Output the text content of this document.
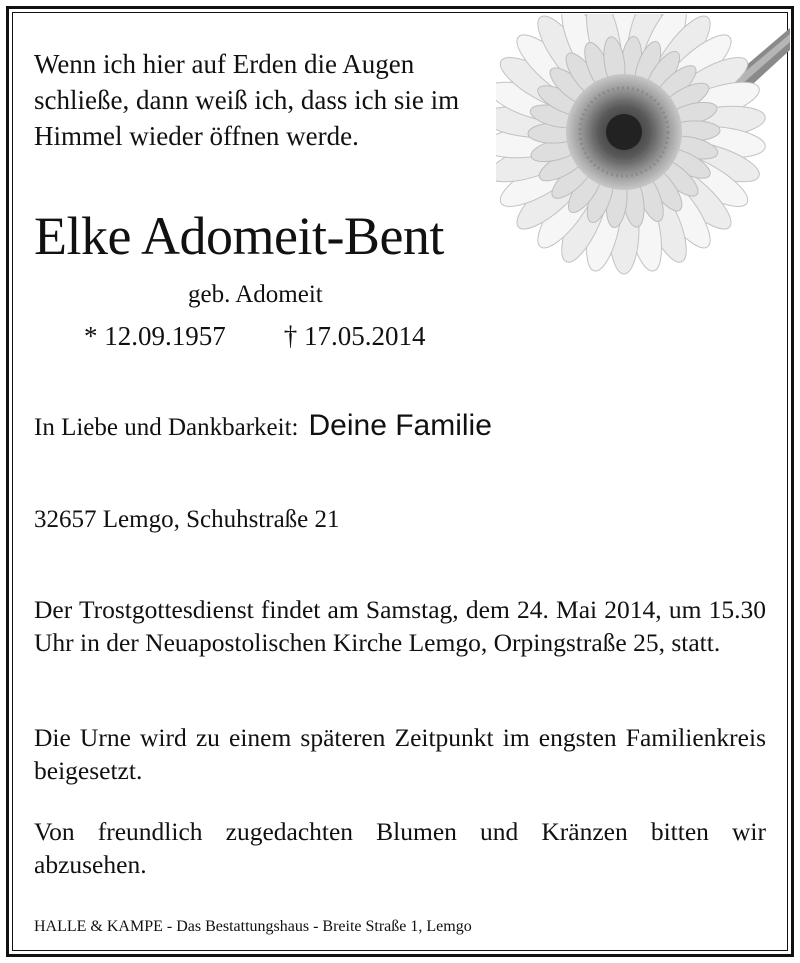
Wenn ich hier auf Erden die Augen schließe, dann weiß ich, dass ich sie im Himmel wieder öffnen werde.

Elke Adomeit-Bent

geb. Adomeit

* 12.09.1957 † 17.05.2014

In Liebe und Dankbarkeit: Deine Familie

32657 Lemgo, Schuhstraße 21

Der Trostgottesdienst findet am Samstag, dem 24. Mai 2014, um 15.30 Uhr in der Neuapostolischen Kirche Lemgo, Orpingstraße 25, statt.

Die Urne wird zu einem späteren Zeitpunkt im engsten Familienkreis beigesetzt.

Von freundlich zugedachten Blumen und Kränzen bitten wir abzusehen.

HALLE & KAMPE - Das Bestattungshaus - Breite Straße 1, Lemgo
